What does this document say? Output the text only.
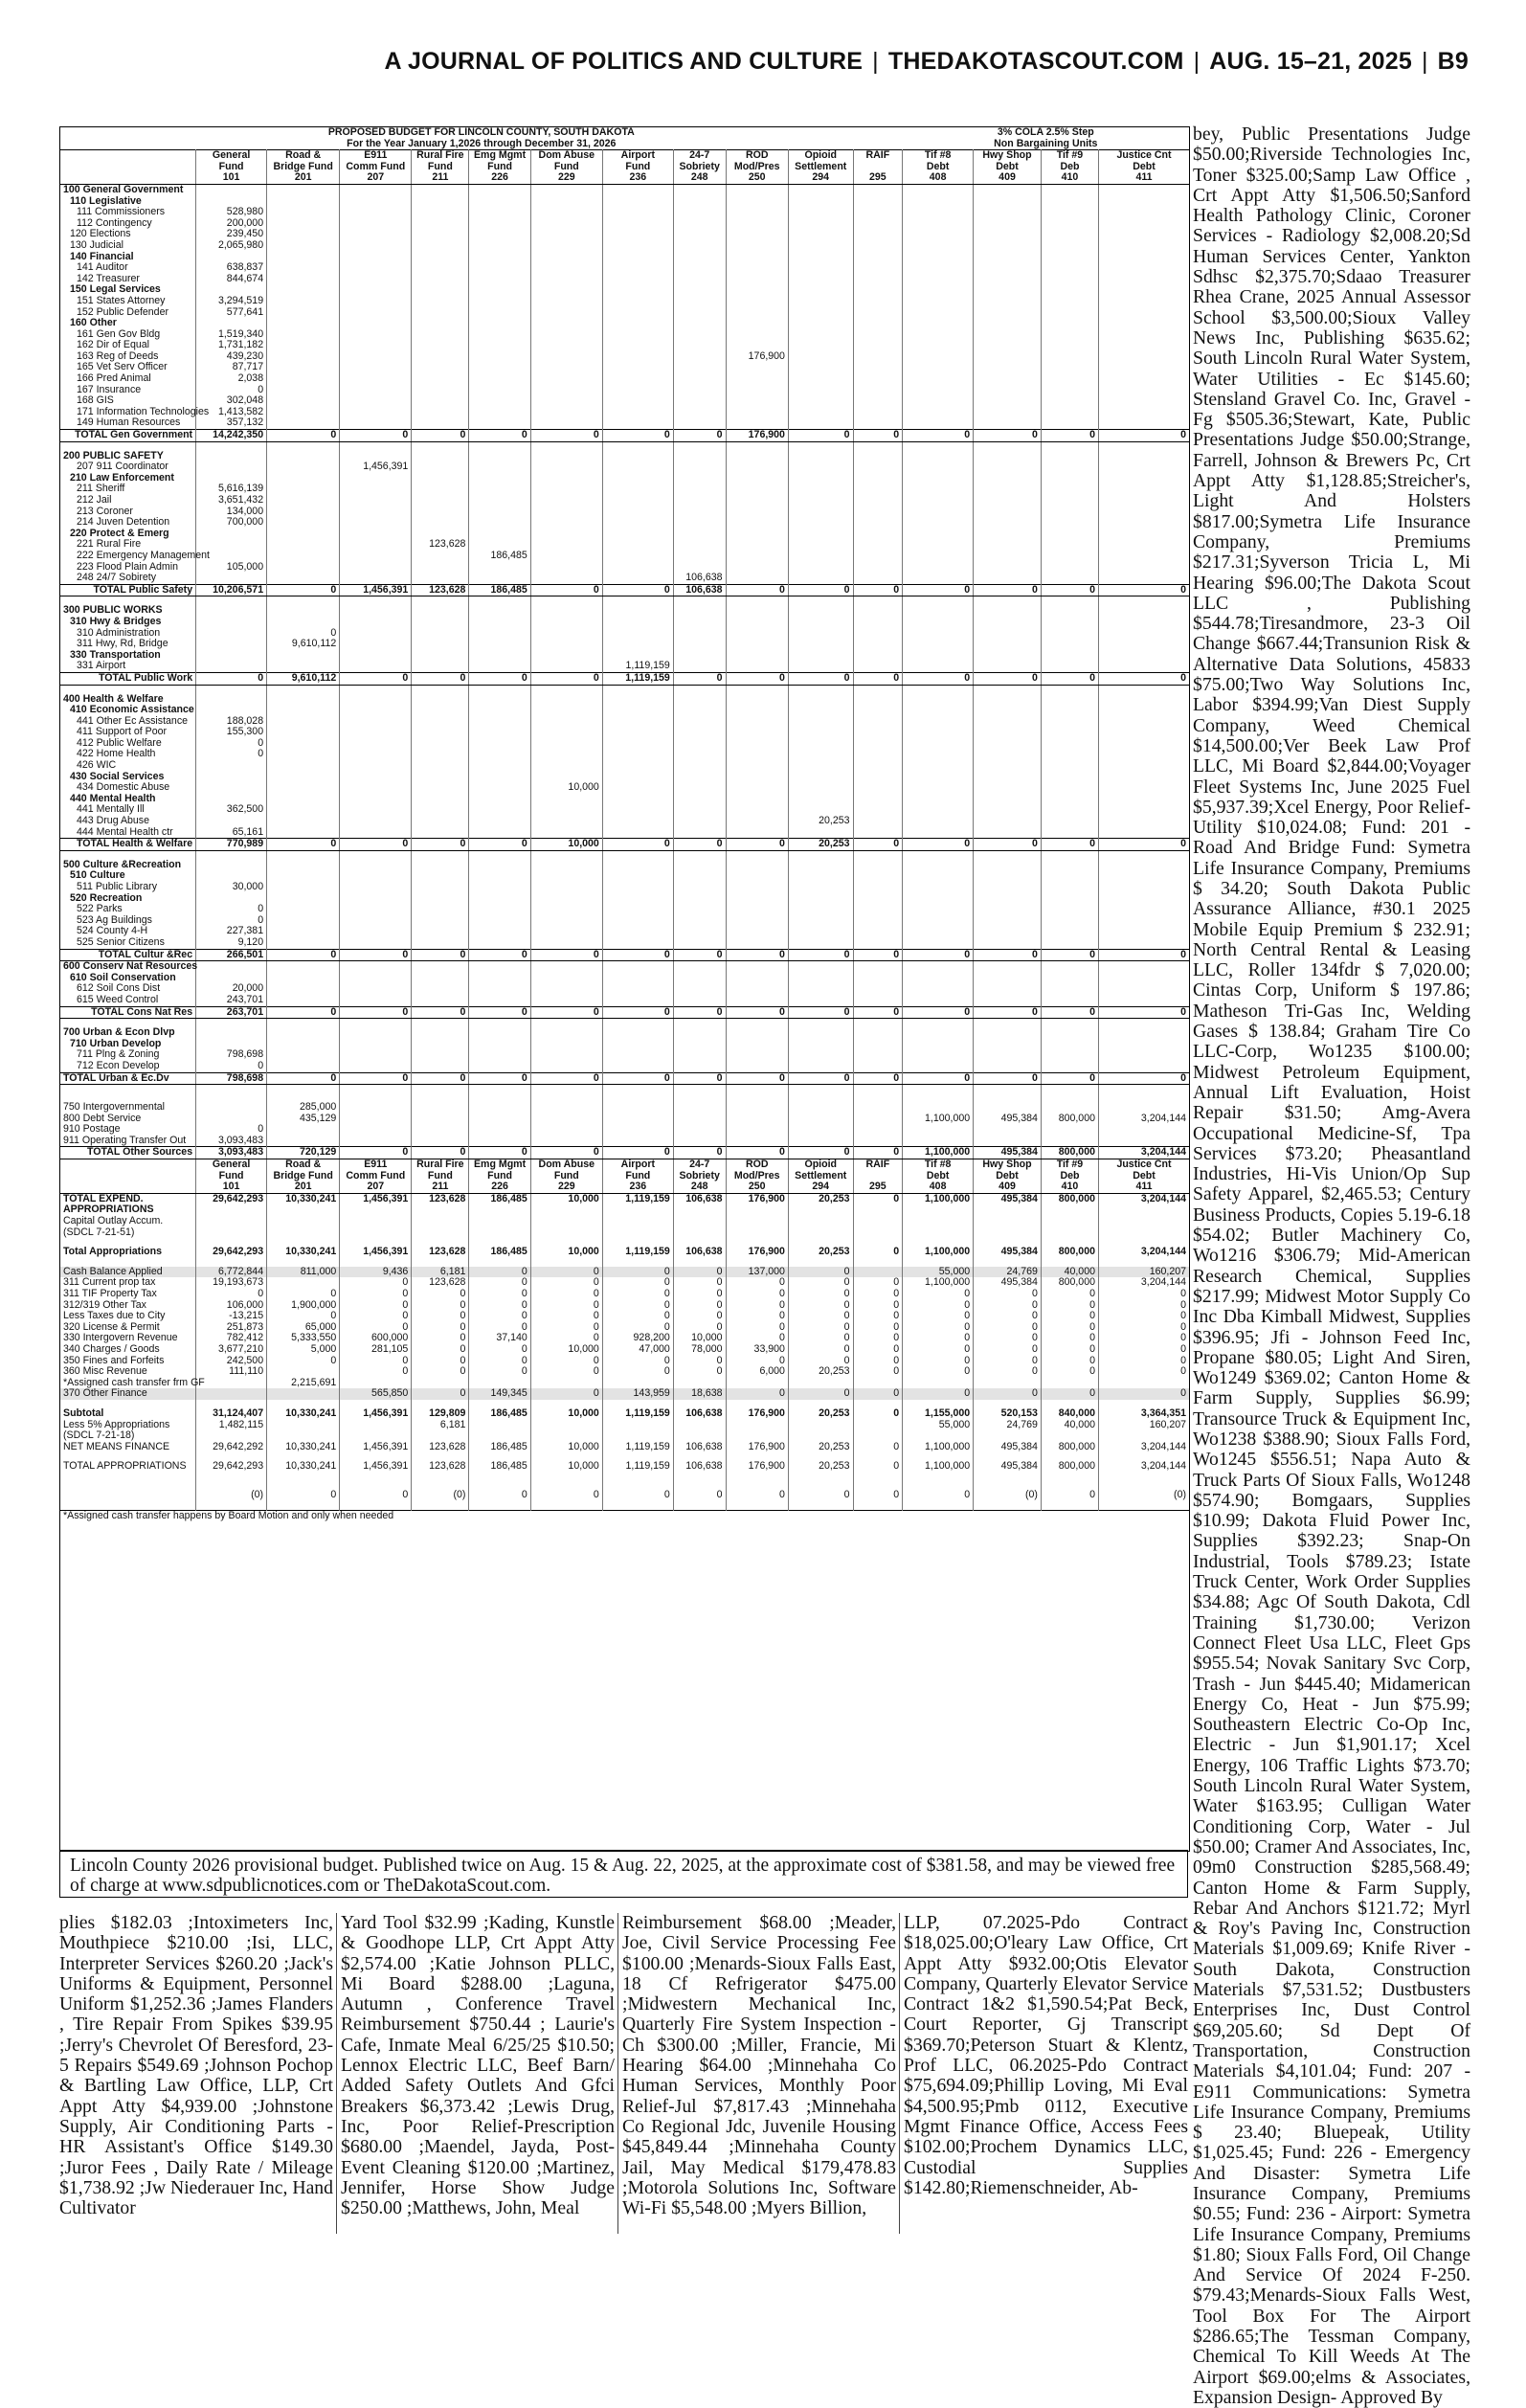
A JOURNAL OF POLITICS AND CULTURE | THEDAKOTASCOUT.COM | AUG. 15–21, 2025 | B9
PROPOSED BUDGET FOR LINCOLN COUNTY, SOUTH DAKOTA												3% COLA 2.5% Step			
For the Year January 1,2026 through December 31, 2026												Non Bargaining Units			
	General	Road &	E911	Rural Fire	Emg Mgmt	Dom Abuse	Airport	24-7	ROD	Opioid	RAIF	Tif #8	Hwy Shop	Tif #9	Justice Cnt
	Fund	Bridge Fund	Comm Fund	Fund	Fund	Fund	Fund	Sobriety	Mod/Pres	Settlement		Debt	Debt	Deb	Debt
	101	201	207	211	226	229	236	248	250	294	295	408	409	410	411
100 General Government															
110 Legislative															
111 Commissioners	528,980														
112 Contingency	200,000														
120 Elections	239,450														
130 Judicial	2,065,980														
140 Financial															
141 Auditor	638,837														
142 Treasurer	844,674														
150 Legal Services															
151 States Attorney	3,294,519														
152 Public Defender	577,641														
160 Other															
161 Gen Gov Bldg	1,519,340														
162 Dir of Equal	1,731,182														
163 Reg of Deeds	439,230								176,900						
165 Vet Serv Officer	87,717														
166 Pred Animal	2,038														
167 Insurance	0														
168 GIS	302,048														
171 Information Technologies	1,413,582														
149 Human Resources	357,132														
TOTAL Gen Government	14,242,350	0	0	0	0	0	0	0	176,900	0	0	0	0	0	0

200 PUBLIC SAFETY															
207 911 Coordinator			1,456,391												
210 Law Enforcement															
211 Sheriff	5,616,139														
212 Jail	3,651,432														
213 Coroner	134,000														
214 Juven Detention	700,000														
220 Protect & Emerg															
221 Rural Fire				123,628											
222 Emergency Management					186,485										
223 Flood Plain Admin	105,000														
248 24/7 Sobirety								106,638							
TOTAL Public Safety	10,206,571	0	1,456,391	123,628	186,485	0	0	106,638	0	0	0	0	0	0	0

300 PUBLIC WORKS															
310 Hwy & Bridges															
310 Administration		0													
311 Hwy, Rd, Bridge		9,610,112													
330 Transportation															
331 Airport							1,119,159								
TOTAL Public Work	0	9,610,112	0	0	0	0	1,119,159	0	0	0	0	0	0	0	0

400 Health & Welfare															
410 Economic Assistance															
441 Other Ec Assistance	188,028														
411 Support of Poor	155,300														
412 Public Welfare	0														
422 Home Health	0														
426 WIC															
430 Social Services															
434 Domestic Abuse						10,000									
440 Mental Health															
441 Mentally Ill	362,500														
443 Drug Abuse										20,253					
444 Mental Health ctr	65,161														
TOTAL Health & Welfare	770,989	0	0	0	0	10,000	0	0	0	20,253	0	0	0	0	0

500 Culture &Recreation															
510 Culture															
511 Public Library	30,000														
520 Recreation															
522 Parks	0														
523 Ag Buildings	0														
524 County 4-H	227,381														
525 Senior Citizens	9,120														
TOTAL Cultur &Rec	266,501	0	0	0	0	0	0	0	0	0	0	0	0	0	0
600 Conserv Nat Resources															
610 Soil Conservation															
612 Soil Cons Dist	20,000														
615 Weed Control	243,701														
TOTAL Cons Nat Res	263,701	0	0	0	0	0	0	0	0	0	0	0	0	0	0

700 Urban & Econ Dlvp															
710 Urban Develop															
711 Plng & Zoning	798,698														
712 Econ Develop	0														
TOTAL Urban & Ec.Dv	798,698	0	0	0	0	0	0	0	0	0	0	0	0	0	0

750 Intergovernmental		285,000													
800 Debt Service		435,129										1,100,000	495,384	800,000	3,204,144
910 Postage	0														
911 Operating Transfer Out	3,093,483														
TOTAL Other Sources	3,093,483	720,129	0	0	0	0	0	0	0	0	0	1,100,000	495,384	800,000	3,204,144
	General	Road &	E911	Rural Fire	Emg Mgmt	Dom Abuse	Airport	24-7	ROD	Opioid	RAIF	Tif #8	Hwy Shop	Tif #9	Justice Cnt
	Fund	Bridge Fund	Comm Fund	Fund	Fund	Fund	Fund	Sobriety	Mod/Pres	Settlement		Debt	Debt	Deb	Debt
	101	201	207	211	226	229	236	248	250	294	295	408	409	410	411
TOTAL EXPEND.	29,642,293	10,330,241	1,456,391	123,628	186,485	10,000	1,119,159	106,638	176,900	20,253	0	1,100,000	495,384	800,000	3,204,144
APPROPRIATIONS															
Capital Outlay Accum.															
(SDCL 7-21-51)															

Total Appropriations	29,642,293	10,330,241	1,456,391	123,628	186,485	10,000	1,119,159	106,638	176,900	20,253	0	1,100,000	495,384	800,000	3,204,144

Cash Balance Applied	6,772,844	811,000	9,436	6,181	0	0	0	0	137,000	0		55,000	24,769	40,000	160,207
311 Current prop tax	19,193,673		0	123,628	0	0	0	0	0	0	0	1,100,000	495,384	800,000	3,204,144
311 TIF Property Tax	0	0	0	0	0	0	0	0	0	0	0	0	0	0	0
312/319 Other Tax	106,000	1,900,000	0	0	0	0	0	0	0	0	0	0	0	0	0
Less Taxes due to City	-13,215	0	0	0	0	0	0	0	0	0	0	0	0	0	0
320 License & Permit	251,873	65,000	0	0	0	0	0	0	0	0	0	0	0	0	0
330 Intergovern Revenue	782,412	5,333,550	600,000	0	37,140	0	928,200	10,000	0	0	0	0	0	0	0
340 Charges / Goods	3,677,210	5,000	281,105	0	0	10,000	47,000	78,000	33,900	0	0	0	0	0	0
350 Fines and Forfeits	242,500	0	0	0	0	0	0	0	0	0	0	0	0	0	0
360 Misc Revenue	111,110		0	0	0	0	0	0	6,000	20,253	0	0	0	0	0
*Assigned cash transfer frm GF		2,215,691													
370 Other Finance			565,850	0	149,345	0	143,959	18,638	0	0	0	0	0	0	0

Subtotal	31,124,407	10,330,241	1,456,391	129,809	186,485	10,000	1,119,159	106,638	176,900	20,253	0	1,155,000	520,153	840,000	3,364,351
Less 5% Appropriations	1,482,115			6,181								55,000	24,769	40,000	160,207
(SDCL 7-21-18)															
NET MEANS FINANCE	29,642,292	10,330,241	1,456,391	123,628	186,485	10,000	1,119,159	106,638	176,900	20,253	0	1,100,000	495,384	800,000	3,204,144

TOTAL APPROPRIATIONS	29,642,293	10,330,241	1,456,391	123,628	186,485	10,000	1,119,159	106,638	176,900	20,253	0	1,100,000	495,384	800,000	3,204,144

	(0)	0	0	(0)	0	0	0	0	0	0	0	0	(0)	0	(0)

*Assigned cash transfer happens by Board Motion and only when needed															
Lincoln County 2026 provisional budget. Published twice on Aug. 15 & Aug. 22, 2025, at the approximate cost of $381.58, and may be viewed free of charge at www.sdpublicnotices.com or TheDakotaScout.com.
bey, Public Presentations Judge $50.00;Riverside Technologies Inc, Toner $325.00;Samp Law Office , Crt Appt Atty $1,506.50;Sanford Health Pathology Clinic, Coroner Services - Radiology $2,008.20;Sd Human Services Center, Yankton Sdhsc $2,375.70;Sdaao Treasurer Rhea Crane, 2025 Annual Assessor School $3,500.00;Sioux Valley News Inc, Publishing $635.62; South Lincoln Rural Water System, Water Utilities - Ec $145.60; Stensland Gravel Co. Inc, Gravel - Fg $505.36;Stewart, Kate, Public Presentations Judge $50.00;Strange, Farrell, Johnson & Brewers Pc, Crt Appt Atty $1,128.85;Streicher's, Light And Holsters $817.00;Symetra Life Insurance Company, Premiums $217.31;Syverson Tricia L, Mi Hearing $96.00;The Dakota Scout LLC , Publishing $544.78;Tiresandmore, 23-3 Oil Change $667.44;Transunion Risk & Alternative Data Solutions, 45833 $75.00;Two Way Solutions Inc, Labor $394.99;Van Diest Supply Company, Weed Chemical $14,500.00;Ver Beek Law Prof LLC, Mi Board $2,844.00;Voyager Fleet Systems Inc, June 2025 Fuel $5,937.39;Xcel Energy, Poor Relief-Utility $10,024.08; Fund: 201 - Road And Bridge Fund: Symetra Life Insurance Company, Premiums $ 34.20; South Dakota Public Assurance Alliance, #30.1 2025 Mobile Equip Premium $ 232.91; North Central Rental & Leasing LLC, Roller 134fdr $ 7,020.00; Cintas Corp, Uniform $ 197.86; Matheson Tri-Gas Inc, Welding Gases $ 138.84; Graham Tire Co LLC-Corp, Wo1235 $100.00; Midwest Petroleum Equipment, Annual Lift Evaluation, Hoist Repair $31.50; Amg-Avera Occupational Medicine-Sf, Tpa Services $73.20; Pheasantland Industries, Hi-Vis Union/Op Sup Safety Apparel, $2,465.53; Century Business Products, Copies 5.19-6.18 $54.02; Butler Machinery Co, Wo1216 $306.79; Mid-American Research Chemical, Supplies $217.99; Midwest Motor Supply Co Inc Dba Kimball Midwest, Supplies $396.95; Jfi - Johnson Feed Inc, Propane $80.05; Light And Siren, Wo1249 $369.02; Canton Home & Farm Supply, Supplies $6.99; Transource Truck & Equipment Inc, Wo1238 $388.90; Sioux Falls Ford, Wo1245 $556.51; Napa Auto & Truck Parts Of Sioux Falls, Wo1248 $574.90; Bomgaars, Supplies $10.99; Dakota Fluid Power Inc, Supplies $392.23; Snap-On Industrial, Tools $789.23; Istate Truck Center, Work Order Supplies $34.88; Agc Of South Dakota, Cdl Training $1,730.00; Verizon Connect Fleet Usa LLC, Fleet Gps $955.54; Novak Sanitary Svc Corp, Trash - Jun $445.40; Midamerican Energy Co, Heat - Jun $75.99; Southeastern Electric Co-Op Inc, Electric - Jun $1,901.17; Xcel Energy, 106 Traffic Lights $73.70; South Lincoln Rural Water System, Water $163.95; Culligan Water Conditioning Corp, Water - Jul $50.00; Cramer And Associates, Inc, 09m0 Construction $285,568.49; Canton Home & Farm Supply, Rebar And Anchors $121.72; Myrl & Roy's Paving Inc, Construction Materials $1,009.69; Knife River - South Dakota, Construction Materials $7,531.52; Dustbusters Enterprises Inc, Dust Control $69,205.60; Sd Dept Of Transportation, Construction Materials $4,101.04; Fund: 207 - E911 Communications: Symetra Life Insurance Company, Premiums $ 23.40; Bluepeak, Utility $1,025.45; Fund: 226 - Emergency And Disaster: Symetra Life Insurance Company, Premiums $0.55; Fund: 236 - Airport: Symetra Life Insurance Company, Premiums $1.80; Sioux Falls Ford, Oil Change And Service Of 2024 F-250. $79.43;Menards-Sioux Falls West, Tool Box For The Airport $286.65;The Tessman Company, Chemical To Kill Weeds At The Airport $69.00;elms & Associates, Expansion Design- Approved By
plies $182.03 ;Intoximeters Inc, Mouthpiece $210.00 ;Isi, LLC, Interpreter Services $260.20 ;Jack's Uniforms & Equipment, Personnel Uniform $1,252.36 ;James Flanders , Tire Repair From Spikes $39.95 ;Jerry's Chevrolet Of Beresford, 23-5 Repairs $549.69 ;Johnson Pochop & Bartling Law Office, LLP, Crt Appt Atty $4,939.00 ;Johnstone Supply, Air Conditioning Parts - HR Assistant's Office $149.30 ;Juror Fees , Daily Rate / Mileage $1,738.92 ;Jw Niederauer Inc, Hand Cultivator
Yard Tool $32.99 ;Kading, Kunstle & Goodhope LLP, Crt Appt Atty $2,574.00 ;Katie Johnson PLLC, Mi Board $288.00 ;Laguna, Autumn , Conference Travel Reimbursement $750.44 ; Laurie's Cafe, Inmate Meal 6/25/25 $10.50; Lennox Electric LLC, Beef Barn/ Added Safety Outlets And Gfci Breakers $6,373.42 ;Lewis Drug, Inc, Poor Relief-Prescription $680.00 ;Maendel, Jayda, Post-Event Cleaning $120.00 ;Martinez, Jennifer, Horse Show Judge $250.00 ;Matthews, John, Meal
Reimbursement $68.00 ;Meader, Joe, Civil Service Processing Fee $100.00 ;Menards-Sioux Falls East, 18 Cf Refrigerator $475.00 ;Midwestern Mechanical Inc, Quarterly Fire System Inspection - Ch $300.00 ;Miller, Francie, Mi Hearing $64.00 ;Minnehaha Co Human Services, Monthly Poor Relief-Jul $7,817.43 ;Minnehaha Co Regional Jdc, Juvenile Housing $45,849.44 ;Minnehaha County Jail, May Medical $179,478.83 ;Motorola Solutions Inc, Software Wi-Fi $5,548.00 ;Myers Billion,
LLP, 07.2025-Pdo Contract $18,025.00;O'leary Law Office, Crt Appt Atty $932.00;Otis Elevator Company, Quarterly Elevator Service Contract 1&2 $1,590.54;Pat Beck, Court Reporter, Gj Transcript $369.70;Peterson Stuart & Klentz, Prof LLC, 06.2025-Pdo Contract $75,694.09;Phillip Loving, Mi Eval $4,500.95;Pmb 0112, Executive Mgmt Finance Office, Access Fees $102.00;Prochem Dynamics LLC, Custodial Supplies $142.80;Riemenschneider, Ab-
